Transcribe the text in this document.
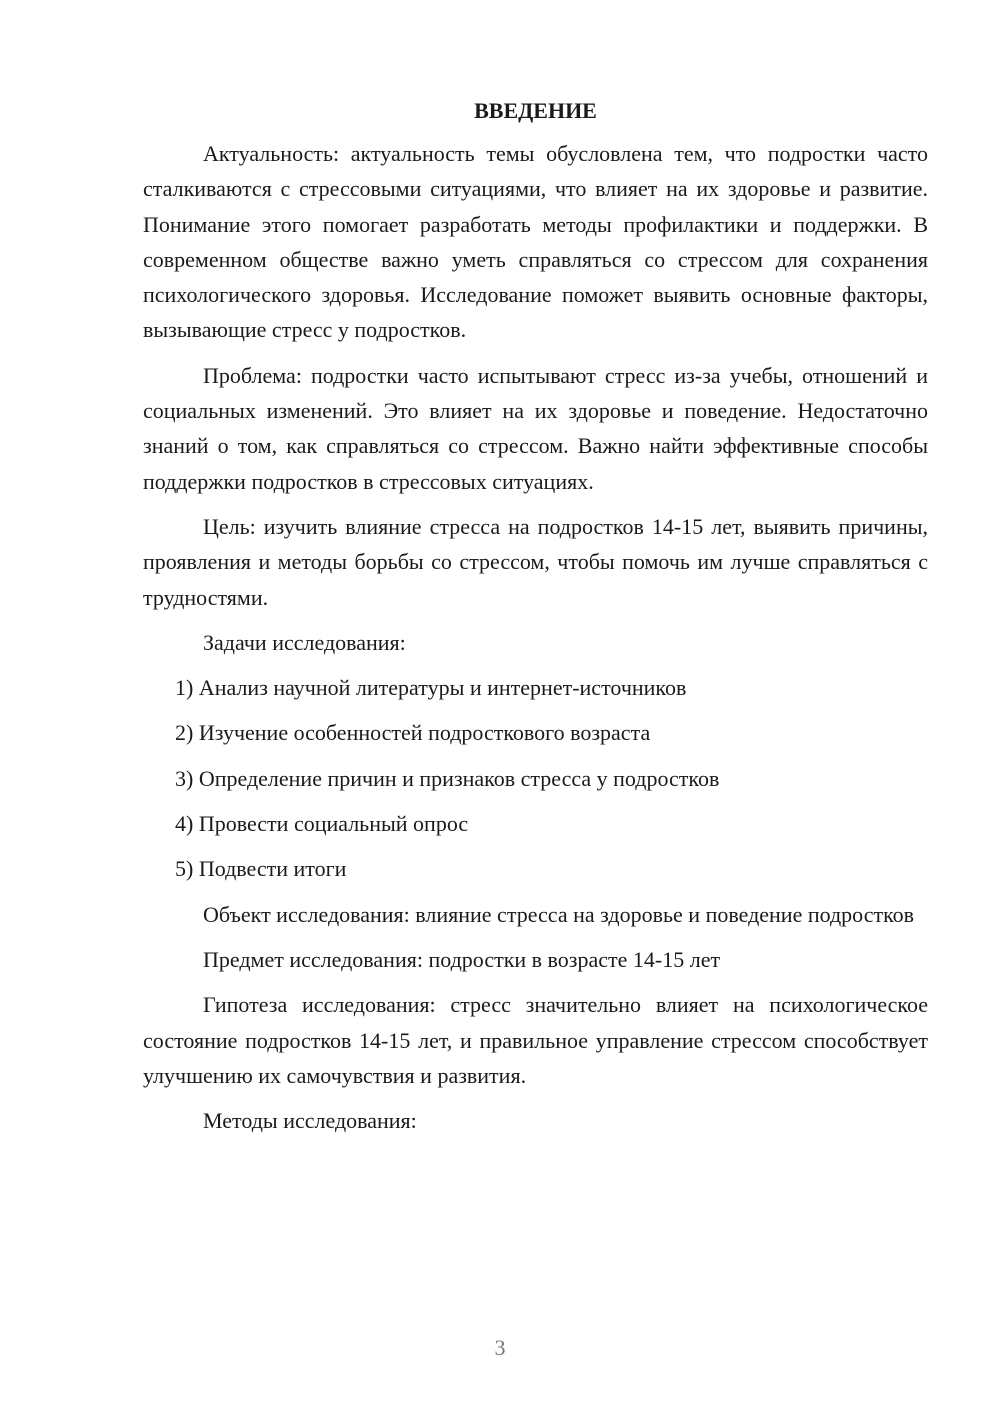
ВВЕДЕНИЕ

Актуальность: актуальность темы обусловлена тем, что подростки часто сталкиваются с стрессовыми ситуациями, что влияет на их здоровье и развитие. Понимание этого помогает разработать методы профилактики и поддержки. В современном обществе важно уметь справляться со стрессом для сохранения психологического здоровья. Исследование поможет выявить основные факторы, вызывающие стресс у подростков.

Проблема: подростки часто испытывают стресс из-за учебы, отношений и социальных изменений. Это влияет на их здоровье и поведение. Недостаточно знаний о том, как справляться со стрессом. Важно найти эффективные способы поддержки подростков в стрессовых ситуациях.

Цель: изучить влияние стресса на подростков 14-15 лет, выявить причины, проявления и методы борьбы со стрессом, чтобы помочь им лучше справляться с трудностями.

Задачи исследования:

1) Анализ научной литературы и интернет-источников
2) Изучение особенностей подросткового возраста
3) Определение причин и признаков стресса у подростков
4) Провести социальный опрос
5) Подвести итоги

Объект исследования: влияние стресса на здоровье и поведение подростков

Предмет исследования: подростки в возрасте 14-15 лет

Гипотеза исследования: стресс значительно влияет на психологическое состояние подростков 14-15 лет, и правильное управление стрессом способствует улучшению их самочувствия и развития.

Методы исследования:

3
